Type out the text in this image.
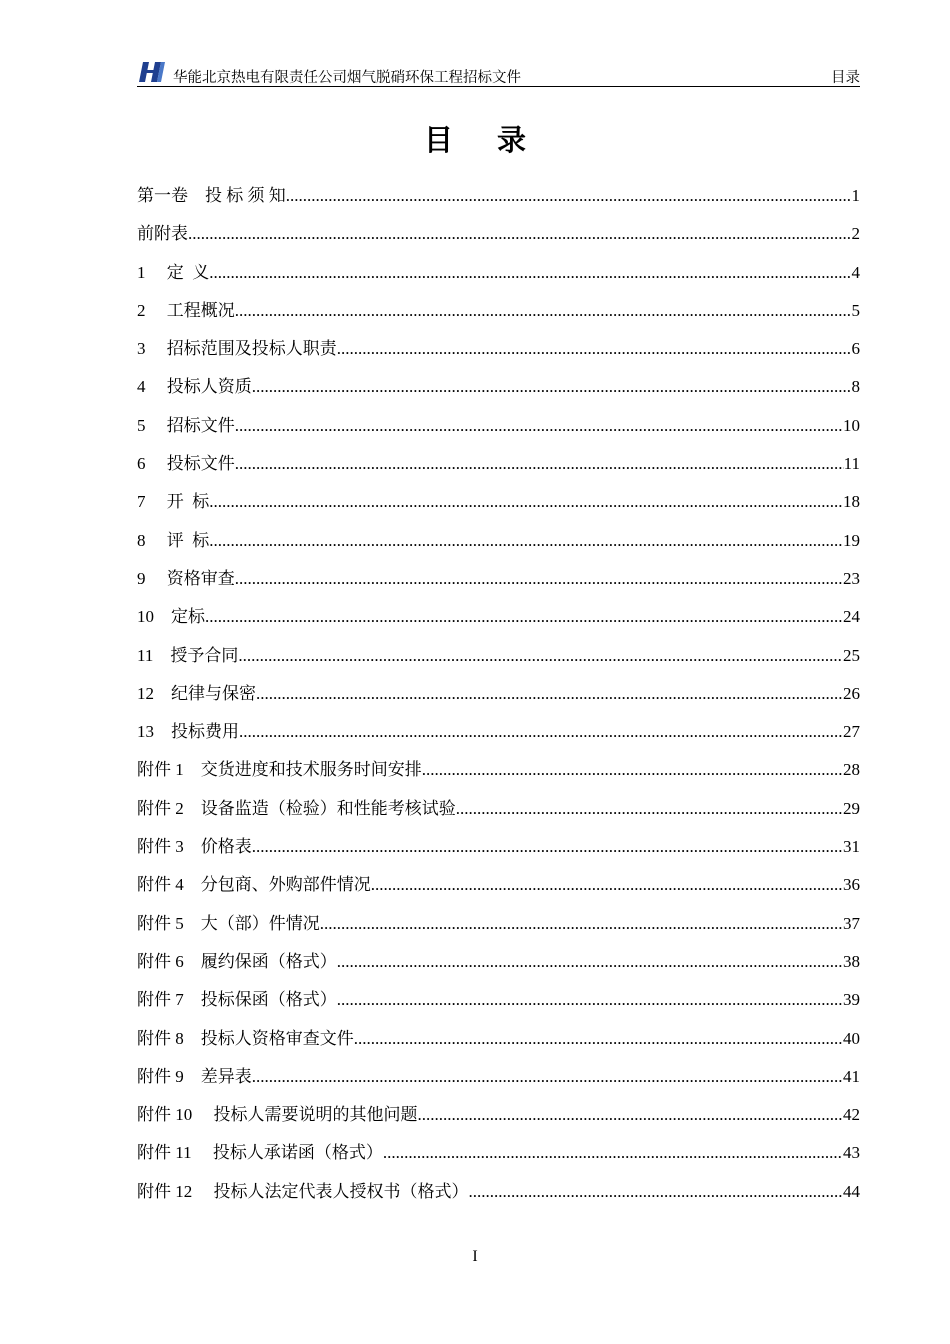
华能北京热电有限责任公司烟气脱硝环保工程招标文件	目录
目录
第一卷　投 标 须 知 .....	1
前附表 .....	2
1　 定  义 .....	4
2　 工程概况 .....	5
3　 招标范围及投标人职责 .....	6
4　 投标人资质 .....	8
5　 招标文件 .....	10
6　 投标文件 .....	11
7　 开  标 .....	18
8　 评  标 .....	19
9　 资格审查 .....	23
10　定标 .....	24
11　授予合同 .....	25
12　纪律与保密 .....	26
13　投标费用 .....	27
附件 1　交货进度和技术服务时间安排 .....	28
附件 2　设备监造（检验）和性能考核试验 .....	29
附件 3　价格表 .....	31
附件 4　分包商、外购部件情况 .....	36
附件 5　大（部）件情况 .....	37
附件 6　履约保函（格式） .....	38
附件 7　投标保函（格式） .....	39
附件 8　投标人资格审查文件 .....	40
附件 9　差异表 .....	41
附件 10　 投标人需要说明的其他问题 .....	42
附件 11　 投标人承诺函（格式） .....	43
附件 12　 投标人法定代表人授权书（格式） .....	44
I
